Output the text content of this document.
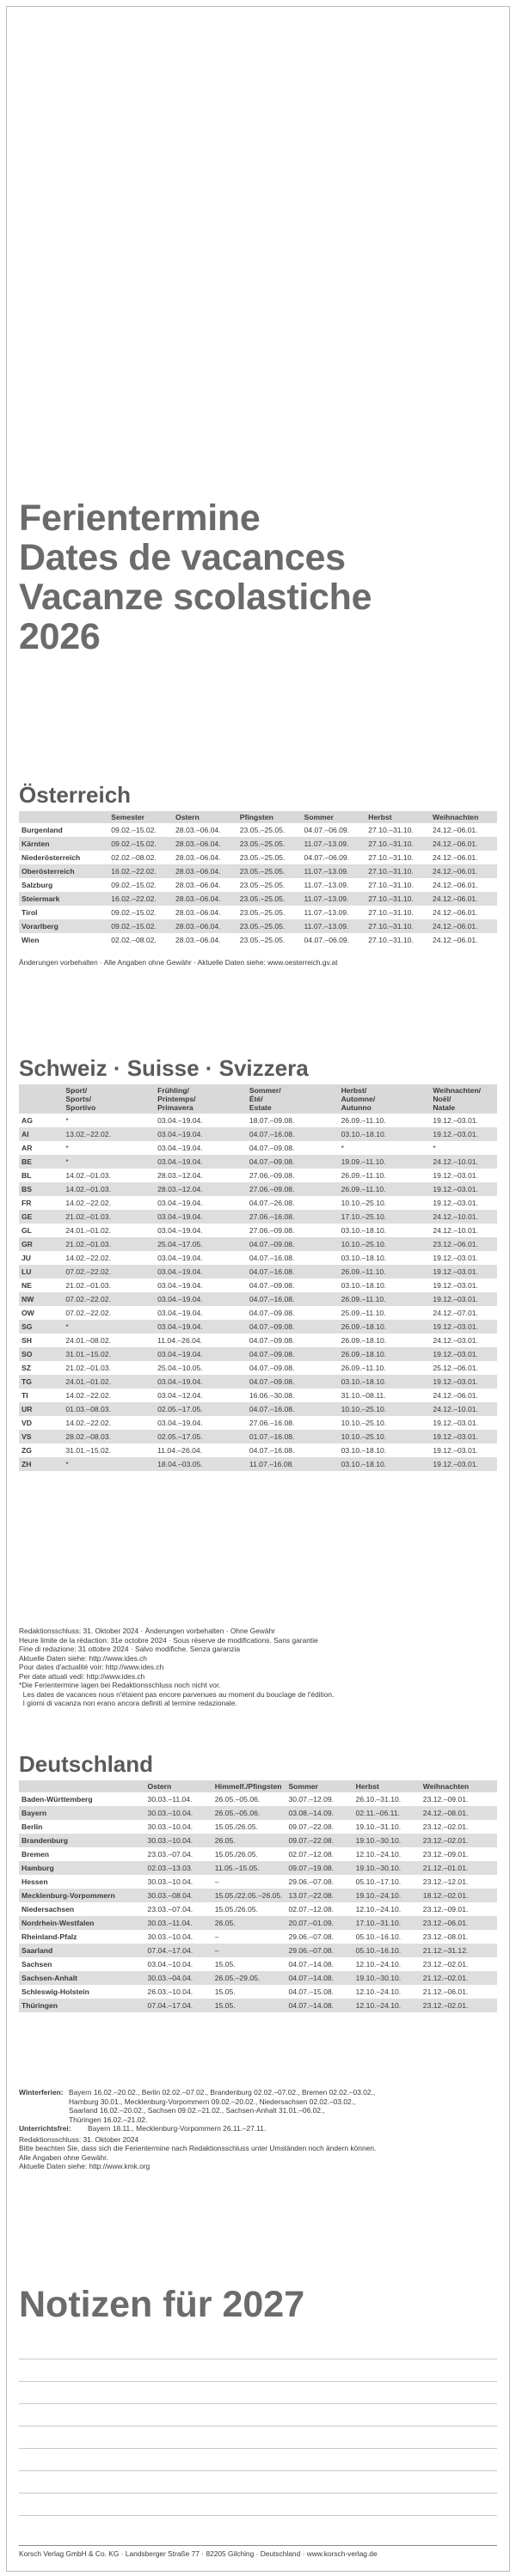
Ferientermine
Dates de vacances
Vacanze scolastiche
2026
Österreich
	Semester	Ostern	Pfingsten	Sommer	Herbst	Weihnachten
Burgenland	09.02.–15.02.	28.03.–06.04.	23.05.–25.05.	04.07.–06.09.	27.10.–31.10.	24.12.–06.01.
Kärnten	09.02.–15.02.	28.03.–06.04.	23.05.–25.05.	11.07.–13.09.	27.10.–31.10.	24.12.–06.01.
Niederösterreich	02.02.–08.02.	28.03.–06.04.	23.05.–25.05.	04.07.–06.09.	27.10.–31.10.	24.12.–06.01.
Oberösterreich	16.02.–22.02.	28.03.–06.04.	23.05.–25.05.	11.07.–13.09.	27.10.–31.10.	24.12.–06.01.
Salzburg	09.02.–15.02.	28.03.–06.04.	23.05.–25.05.	11.07.–13.09.	27.10.–31.10.	24.12.–06.01.
Steiermark	16.02.–22.02.	28.03.–06.04.	23.05.–25.05.	11.07.–13.09.	27.10.–31.10.	24.12.–06.01.
Tirol	09.02.–15.02.	28.03.–06.04.	23.05.–25.05.	11.07.–13.09.	27.10.–31.10.	24.12.–06.01.
Vorarlberg	09.02.–15.02.	28.03.–06.04.	23.05.–25.05.	11.07.–13.09.	27.10.–31.10.	24.12.–06.01.
Wien	02.02.–08.02.	28.03.–06.04.	23.05.–25.05.	04.07.–06.09.	27.10.–31.10.	24.12.–06.01.
Änderungen vorbehalten · Alle Angaben ohne Gewähr · Aktuelle Daten siehe: www.oesterreich.gv.at
Schweiz · Suisse · Svizzera
	Sport/
Sports/
Sportivo	Frühling/
Printemps/
Primavera	Sommer/
Été/
Estate	Herbst/
Automne/
Autunno	Weihnachten/
Noël/
Natale
AG	*	03.04.–19.04.	18.07.–09.08.	26.09.–11.10.	19.12.–03.01.
AI	13.02.–22.02.	03.04.–19.04.	04.07.–16.08.	03.10.–18.10.	19.12.–03.01.
AR	*	03.04.–19.04.	04.07.–09.08.	*	*
BE	*	03.04.–19.04.	04.07.–09.08.	19.09.–11.10.	24.12.–10.01.
BL	14.02.–01.03.	28.03.–12.04.	27.06.–09.08.	26.09.–11.10.	19.12.–03.01.
BS	14.02.–01.03.	28.03.–12.04.	27.06.–09.08.	26.09.–11.10.	19.12.–03.01.
FR	14.02.–22.02.	03.04.–19.04.	04.07.–26.08.	10.10.–25.10.	19.12.–03.01.
GE	21.02.–01.03.	03.04.–19.04.	27.06.–16.08.	17.10.–25.10.	24.12.–10.01.
GL	24.01.–01.02.	03.04.–19.04.	27.06.–09.08.	03.10.–18.10.	24.12.–10.01.
GR	21.02.–01.03.	25.04.–17.05.	04.07.–09.08.	10.10.–25.10.	23.12.–06.01.
JU	14.02.–22.02.	03.04.–19.04.	04.07.–16.08.	03.10.–18.10.	19.12.–03.01.
LU	07.02.–22.02.	03.04.–19.04.	04.07.–16.08.	26.09.–11.10.	19.12.–03.01.
NE	21.02.–01.03.	03.04.–19.04.	04.07.–09.08.	03.10.–18.10.	19.12.–03.01.
NW	07.02.–22.02.	03.04.–19.04.	04.07.–16.08.	26.09.–11.10.	19.12.–03.01.
OW	07.02.–22.02.	03.04.–19.04.	04.07.–09.08.	25.09.–11.10.	24.12.–07.01.
SG	*	03.04.–19.04.	04.07.–09.08.	26.09.–18.10.	19.12.–03.01.
SH	24.01.–08.02.	11.04.–26.04.	04.07.–09.08.	26.09.–18.10.	24.12.–03.01.
SO	31.01.–15.02.	03.04.–19.04.	04.07.–09.08.	26.09.–18.10.	19.12.–03.01.
SZ	21.02.–01.03.	25.04.–10.05.	04.07.–09.08.	26.09.–11.10.	25.12.–06.01.
TG	24.01.–01.02.	03.04.–19.04.	04.07.–09.08.	03.10.–18.10.	19.12.–03.01.
TI	14.02.–22.02.	03.04.–12.04.	16.06.–30.08.	31.10.–08.11.	24.12.–06.01.
UR	01.03.–08.03.	02.05.–17.05.	04.07.–16.08.	10.10.–25.10.	24.12.–10.01.
VD	14.02.–22.02.	03.04.–19.04.	27.06.–16.08.	10.10.–25.10.	19.12.–03.01.
VS	28.02.–08.03.	02.05.–17.05.	01.07.–16.08.	10.10.–25.10.	19.12.–03.01.
ZG	31.01.–15.02.	11.04.–26.04.	04.07.–16.08.	03.10.–18.10.	19.12.–03.01.
ZH	*	18.04.–03.05.	11.07.–16.08.	03.10.–18.10.	19.12.–03.01.
Redaktionsschluss: 31. Oktober 2024 · Änderungen vorbehalten · Ohne Gewähr
Heure limite de la rédaction: 31e octobre 2024 · Sous réserve de modifications. Sans garantie
Fine di redazione: 31 ottobre 2024 · Salvo modifiche. Senza garanzia
Aktuelle Daten siehe: http://www.ides.ch
Pour dates d'actualité voir: http://www.ides.ch
Per date attuali vedi: http://www.ides.ch
*Die Ferientermine lagen bei Redaktionsschluss noch nicht vor.
Les dates de vacances nous n'étaient pas encore parvenues au moment du bouclage de l'édition.
I giorni di vacanza non erano ancora definiti al termine redazionale.
Deutschland
	Ostern	Himmelf./Pfingsten	Sommer	Herbst	Weihnachten
Baden-Württemberg	30.03.–11.04.	26.05.–05.06.	30.07.–12.09.	26.10.–31.10.	23.12.–09.01.
Bayern	30.03.–10.04.	26.05.–05.06.	03.08.–14.09.	02.11.–06.11.	24.12.–08.01.
Berlin	30.03.–10.04.	15.05./26.05.	09.07.–22.08.	19.10.–31.10.	23.12.–02.01.
Brandenburg	30.03.–10.04.	26.05.	09.07.–22.08.	19.10.–30.10.	23.12.–02.01.
Bremen	23.03.–07.04.	15.05./26.05.	02.07.–12.08.	12.10.–24.10.	23.12.–09.01.
Hamburg	02.03.–13.03.	11.05.–15.05.	09.07.–19.08.	19.10.–30.10.	21.12.–01.01.
Hessen	30.03.–10.04.	–	29.06.–07.08.	05.10.–17.10.	23.12.–12.01.
Mecklenburg-Vorpommern	30.03.–08.04.	15.05./22.05.–26.05.	13.07.–22.08.	19.10.–24.10.	18.12.–02.01.
Niedersachsen	23.03.–07.04.	15.05./26.05.	02.07.–12.08.	12.10.–24.10.	23.12.–09.01.
Nordrhein-Westfalen	30.03.–11.04.	26.05.	20.07.–01.09.	17.10.–31.10.	23.12.–06.01.
Rheinland-Pfalz	30.03.–10.04.	–	29.06.–07.08.	05.10.–16.10.	23.12.–08.01.
Saarland	07.04.–17.04.	–	29.06.–07.08.	05.10.–16.10.	21.12.–31.12.
Sachsen	03.04.–10.04.	15.05.	04.07.–14.08.	12.10.–24.10.	23.12.–02.01.
Sachsen-Anhalt	30.03.–04.04.	26.05.–29.05.	04.07.–14.08.	19.10.–30.10.	21.12.–02.01.
Schleswig-Holstein	26.03.–10.04.	15.05.	04.07.–15.08.	12.10.–24.10.	21.12.–06.01.
Thüringen	07.04.–17.04.	15.05.	04.07.–14.08.	12.10.–24.10.	23.12.–02.01.
Winterferien: Bayern 16.02.–20.02., Berlin 02.02.–07.02., Brandenburg 02.02.–07.02., Bremen 02.02.–03.02.,
Hamburg 30.01., Mecklenburg-Vorpommern 09.02.–20.02., Niedersachsen 02.02.–03.02.,
Saarland 16.02.–20.02., Sachsen 09.02.–21.02., Sachsen-Anhalt 31.01.–06.02.,
Thüringen 16.02.–21.02.
Unterrichtsfrei:	Bayern 18.11., Mecklenburg-Vorpommern 26.11.–27.11.
Redaktionsschluss: 31. Oktober 2024
Bitte beachten Sie, dass sich die Ferientermine nach Redaktionsschluss unter Umständen noch ändern können.
Alle Angaben ohne Gewähr.
Aktuelle Daten siehe: http://www.kmk.org
Notizen für 2027
Korsch Verlag GmbH & Co. KG · Landsberger Straße 77 · 82205 Gilching · Deutschland · www.korsch-verlag.de
